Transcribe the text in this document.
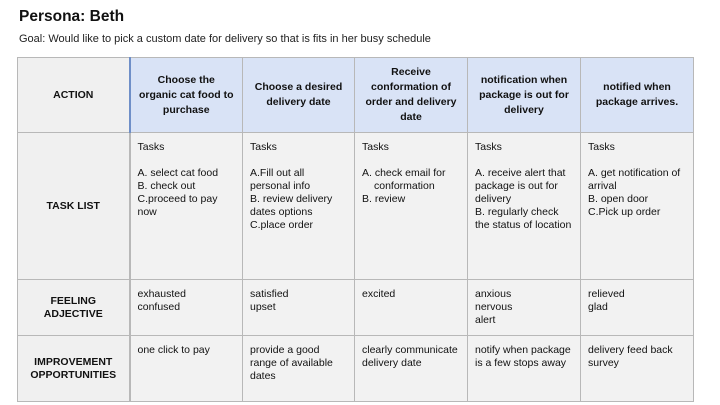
Persona: Beth
Goal: Would like to pick a custom date for delivery so that is fits in her busy schedule
ACTION	Choose the organic cat food to purchase	Choose a desired delivery date	Receive conformation of order and delivery date	notification when package is out for delivery	notified when package arrives.
TASK LIST	Tasks
A. select cat food
B. check out
C.proceed to pay now	Tasks
A.Fill out all personal info
B. review delivery dates options
C.place order	Tasks
A. check email for
conformation
B. review	Tasks
A. receive alert that package is out for delivery
B. regularly check the status of location	Tasks
A. get notification of arrival
B. open door
C.Pick up order

FEELING ADJECTIVE	exhausted
confused	satisfied
upset	excited	anxious
nervous
alert	relieved
glad

IMPROVEMENT OPPORTUNITIES	one click to pay	provide a good range of available dates	clearly communicate delivery date	notify when package is a few stops away	delivery feed back survey
